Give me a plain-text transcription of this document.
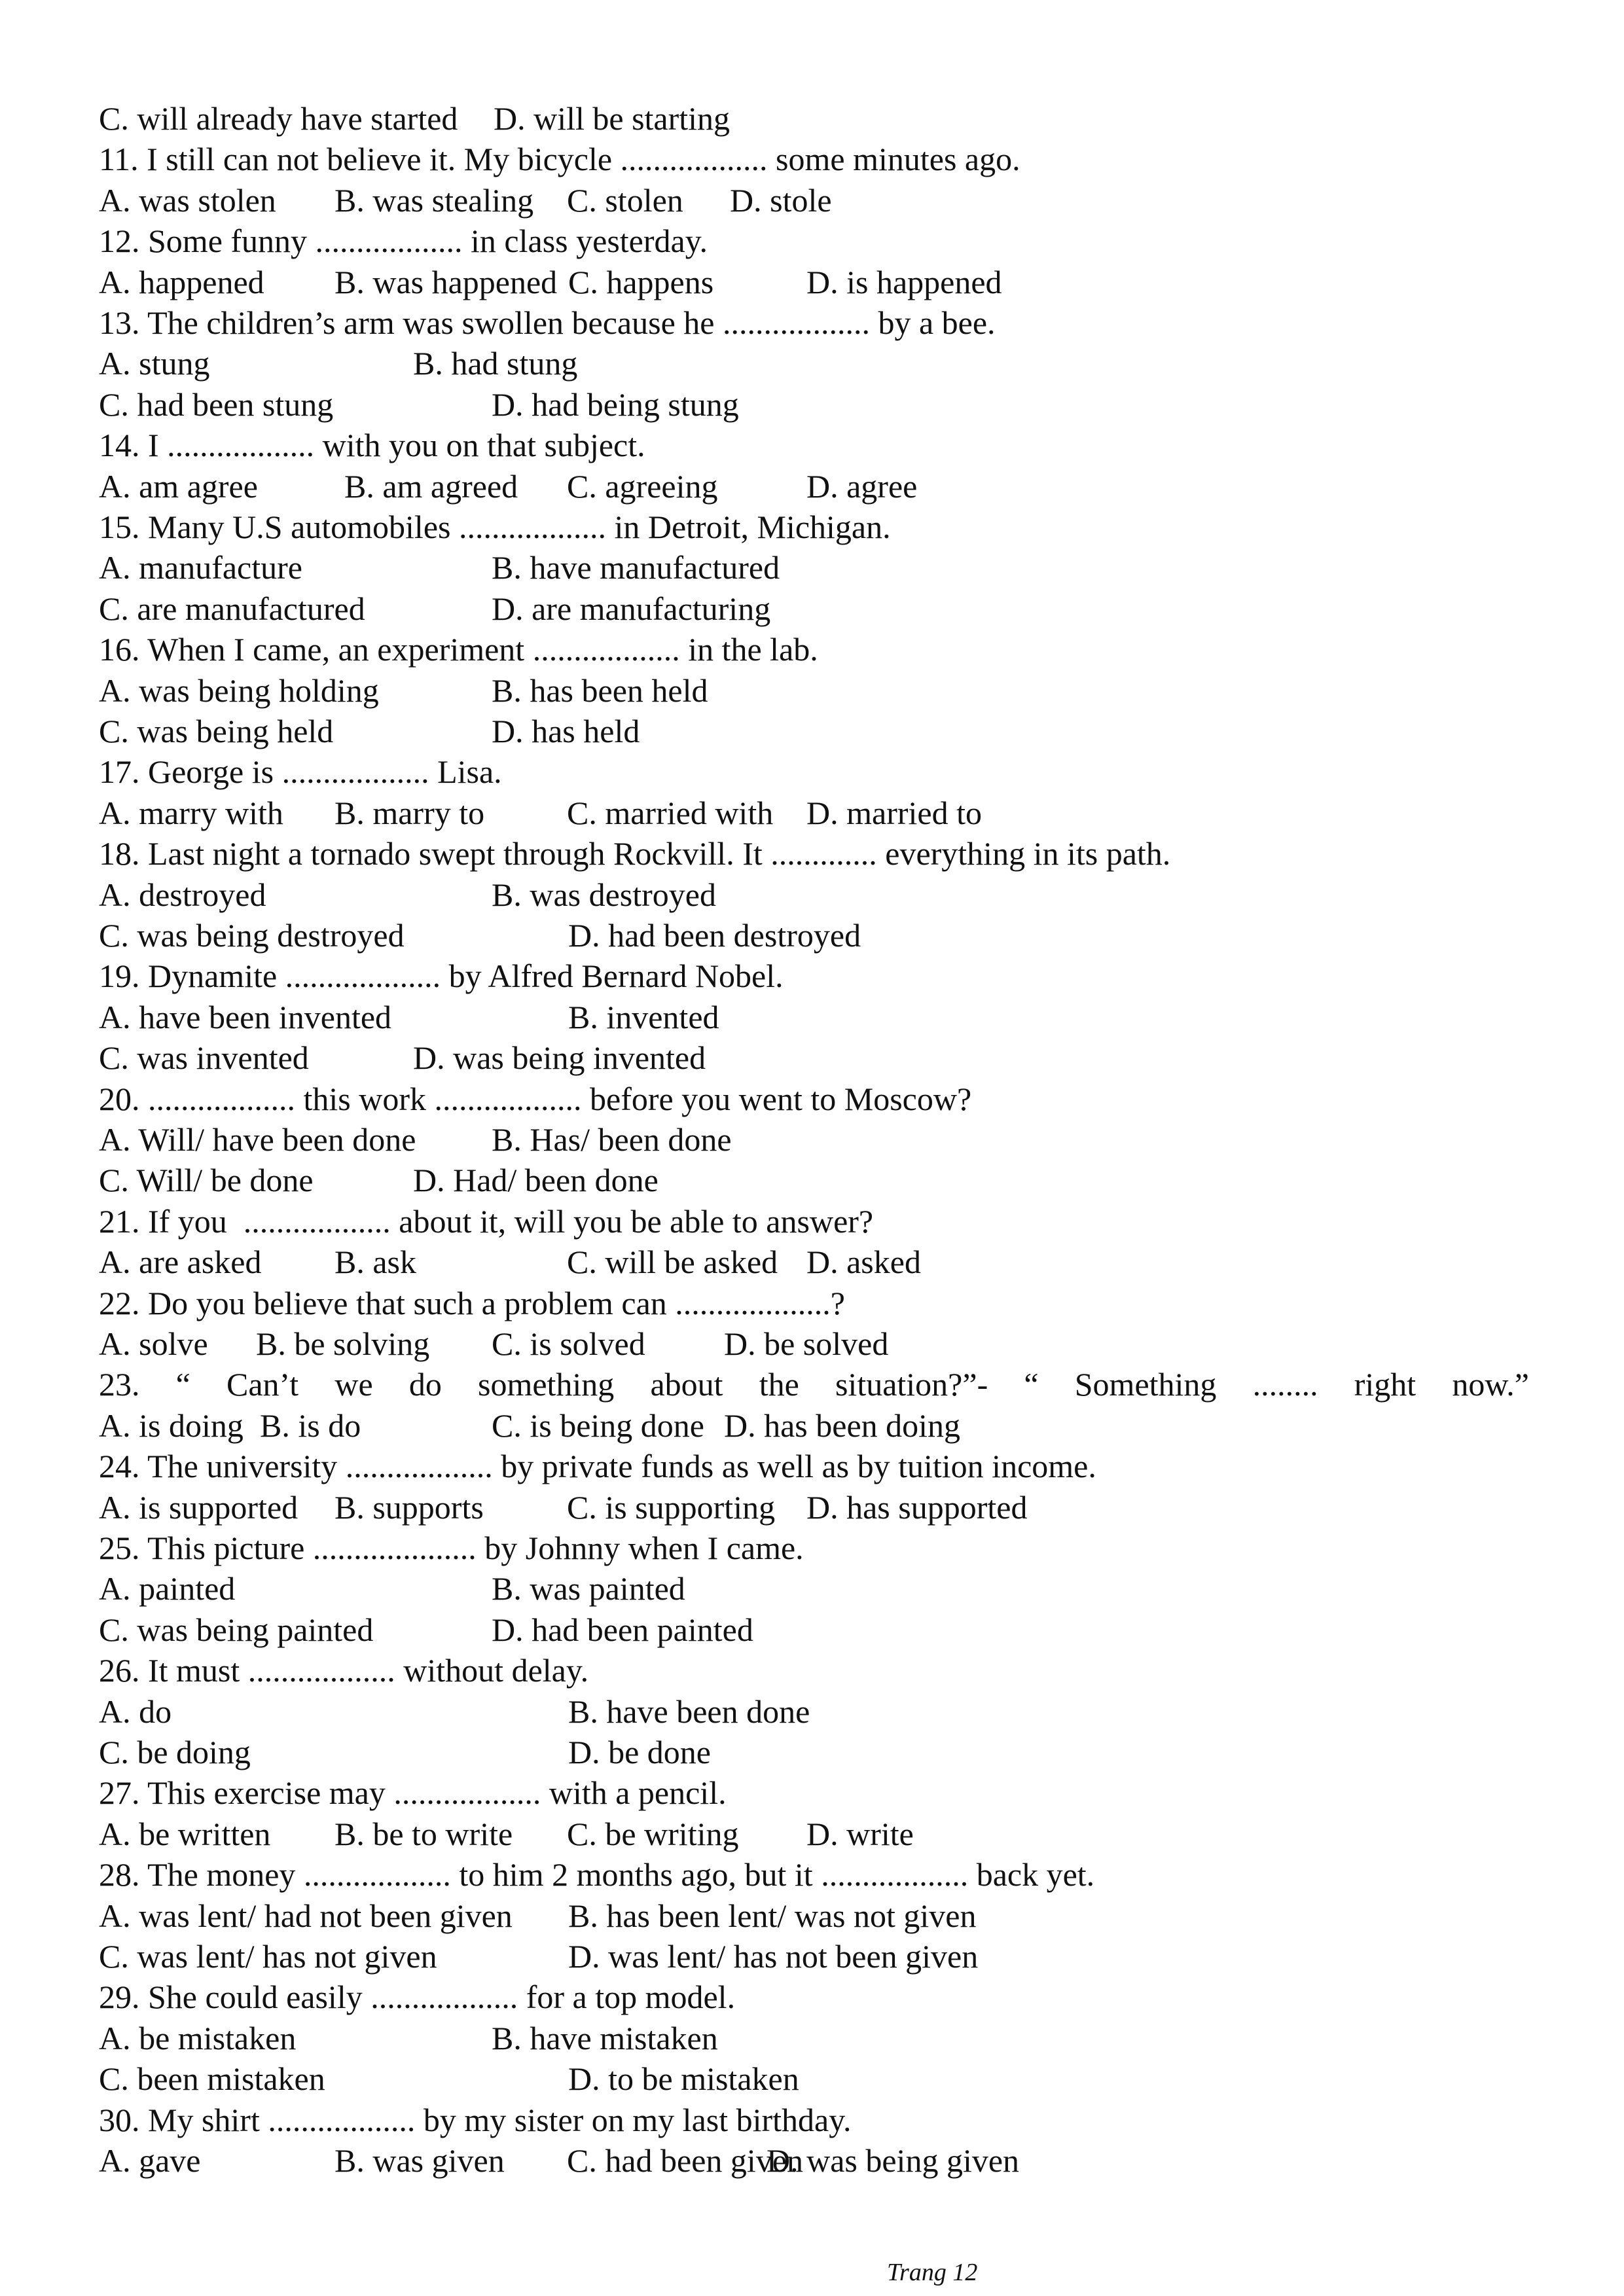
C. will already have started D. will be starting
11. I still can not believe it. My bicycle .................. some minutes ago.
A. was stolen B. was stealing C. stolen D. stole
12. Some funny .................. in class yesterday.
A. happened B. was happened C. happens	D. is happened
13. The children’s arm was swollen because he .................. by a bee.
A. stung	B. had stung
C. had been stung	D. had being stung
14. I .................. with you on that subject.
A. am agree	B. am agreed C. agreeing	D. agree
15. Many U.S automobiles .................. in Detroit, Michigan.
A. manufacture	B. have manufactured
C. are manufactured	D. are manufacturing
16. When I came, an experiment .................. in the lab.
A. was being holding	B. has been held
C. was being held	D. has held
17. George is .................. Lisa.
A. marry with B. marry to	C. married with D. married to
18. Last night a tornado swept through Rockvill. It ............. everything in its path.
A. destroyed	B. was destroyed
C. was being destroyed	D. had been destroyed
19. Dynamite ................... by Alfred Bernard Nobel.
A. have been invented	B. invented
C. was invented	D. was being invented
20. .................. this work .................. before you went to Moscow?
A. Will/ have been done B. Has/ been done
C. Will/ be done	D. Had/ been done
21. If you  .................. about it, will you be able to answer?
A. are asked B. ask	C. will be asked D. asked
22. Do you believe that such a problem can ...................?
A. solve B. be solving C. is solved D. be solved
23. “ Can’t we do something about the situation?”- “ Something ........ right now.”
A. is doing B. is do	C. is being done D. has been doing
24. The university .................. by private funds as well as by tuition income.
A. is supported B. supports	C. is supporting D. has supported
25. This picture .................... by Johnny when I came.
A. painted	B. was painted
C. was being painted	D. had been painted
26. It must .................. without delay.
A. do	B. have been done
C. be doing	D. be done
27. This exercise may .................. with a pencil.
A. be written B. be to write C. be writing D. write
28. The money .................. to him 2 months ago, but it .................. back yet.
A. was lent/ had not been given B. has been lent/ was not given
C. was lent/ has not given	D. was lent/ has not been given
29. She could easily .................. for a top model.
A. be mistaken	B. have mistaken
C. been mistaken	D. to be mistaken
30. My shirt .................. by my sister on my last birthday.
A. gave	B. was given C. had been given
D. was being given
Trang 12
